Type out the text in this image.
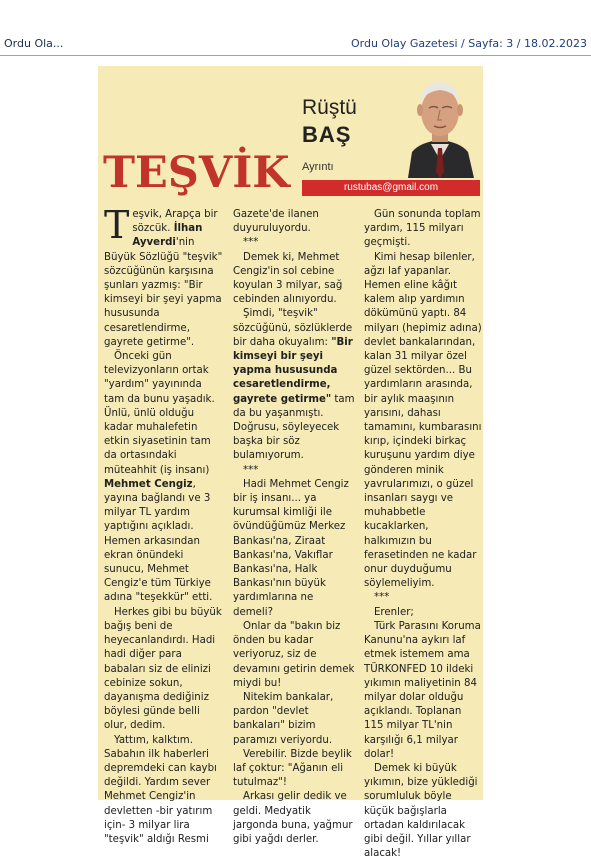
Ordu Ola...	Ordu Olay Gazetesi / Sayfa: 3 / 18.02.2023
TEŞVİK
Rüştü
BAŞ
Ayrıntı
rustubas@gmail.com
Teşvik, Arapça bir sözcük. İlhan Ayverdi'nin Büyük Sözlüğü "teşvik" sözcüğünün karşısına şunları yazmış: "Bir kimseyi bir şeyi yapma hususunda cesaretlendirme, gayrete getirme".
Önceki gün televizyonların ortak "yardım" yayınında tam da bunu yaşadık. Ünlü, ünlü olduğu kadar muhalefetin etkin siyasetinin tam da ortasındaki müteahhit (iş insanı) Mehmet Cengiz, yayına bağlandı ve 3 milyar TL yardım yaptığını açıkladı. Hemen arkasından ekran önündeki sunucu, Mehmet Cengiz'e tüm Türkiye adına "teşekkür" etti.
Herkes gibi bu büyük bağış beni de heyecanlandırdı. Hadi hadi diğer para babaları siz de elinizi cebinize sokun, dayanışma dediğiniz böylesi günde belli olur, dedim.
Yattım, kalktım. Sabahın ilk haberleri depremdeki can kaybı değildi. Yardım sever Mehmet Cengiz'in devletten -bir yatırım için- 3 milyar lira "teşvik" aldığı Resmi
Gazete'de ilanen duyuruluyordu.
***
Demek ki, Mehmet Cengiz'in sol cebine koyulan 3 milyar, sağ cebinden alınıyordu.
Şimdi, "teşvik" sözcüğünü, sözlüklerde bir daha okuyalım: "Bir kimseyi bir şeyi yapma hususunda cesaretlendirme, gayrete getirme" tam da bu yaşanmıştı. Doğrusu, söyleyecek başka bir söz bulamıyorum.
***
Hadi Mehmet Cengiz bir iş insanı... ya kurumsal kimliği ile övündüğümüz Merkez Bankası'na, Ziraat Bankası'na, Vakıflar Bankası'na, Halk Bankası'nın büyük yardımlarına ne demeli?
Onlar da "bakın biz önden bu kadar veriyoruz, siz de devamını getirin demek miydi bu!
Nitekim bankalar, pardon "devlet bankaları" bizim paramızı veriyordu.
Verebilir. Bizde beylik laf çoktur: "Ağanın eli tutulmaz"!
Arkası gelir dedik ve geldi. Medyatik jargonda buna, yağmur gibi yağdı derler.
Gün sonunda toplam yardım, 115 milyarı geçmişti.
Kimi hesap bilenler, ağzı laf yapanlar. Hemen eline kâğıt kalem alıp yardımın dökümünü yaptı. 84 milyarı (hepimiz adına) devlet bankalarından, kalan 31 milyar özel güzel sektörden... Bu yardımların arasında, bir aylık maaşının yarısını, dahası tamamını, kumbarasını kırıp, içindeki birkaç kuruşunu yardım diye gönderen minik yavrularımızı, o güzel insanları saygı ve muhabbetle kucaklarken, halkımızın bu ferasetinden ne kadar onur duyduğumu söylemeliyim.
***
Erenler;
Türk Parasını Koruma Kanunu'na aykırı laf etmek istemem ama TÜRKONFED 10 ildeki yıkımın maliyetinin 84 milyar dolar olduğu açıklandı. Toplanan 115 milyar TL'nin karşılığı 6,1 milyar dolar!
Demek ki büyük yıkımın, bize yüklediği sorumluluk böyle küçük bağışlarla ortadan kaldırılacak gibi değil. Yıllar yıllar alacak!
